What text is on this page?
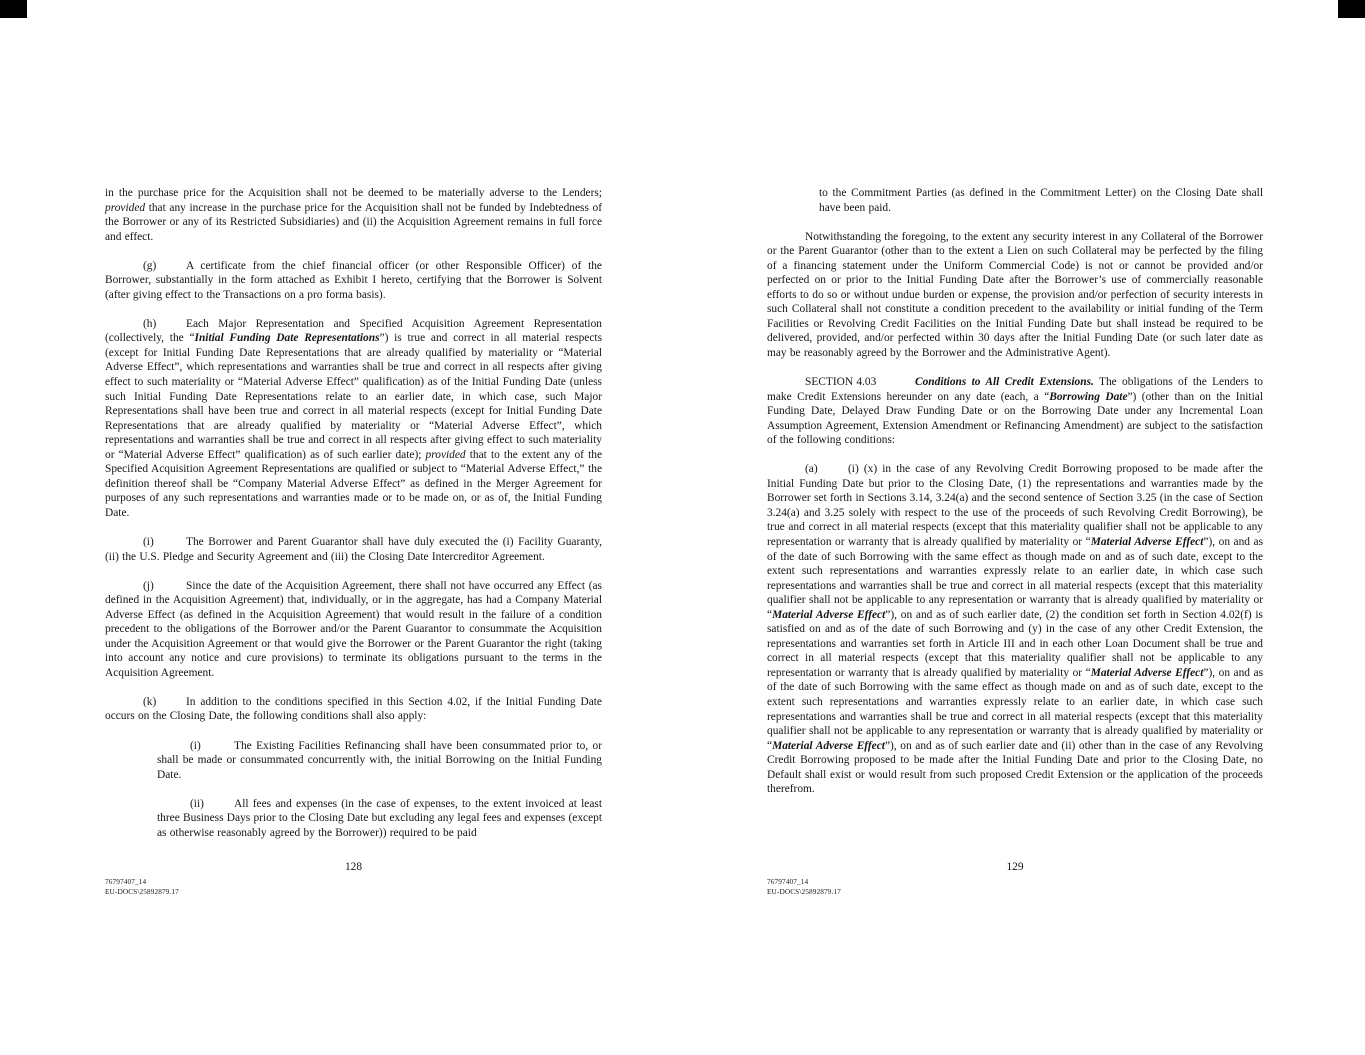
in the purchase price for the Acquisition shall not be deemed to be materially adverse to the Lenders; provided that any increase in the purchase price for the Acquisition shall not be funded by Indebtedness of the Borrower or any of its Restricted Subsidiaries) and (ii) the Acquisition Agreement remains in full force and effect.
(g)	A certificate from the chief financial officer (or other Responsible Officer) of the Borrower, substantially in the form attached as Exhibit I hereto, certifying that the Borrower is Solvent (after giving effect to the Transactions on a pro forma basis).
(h)	Each Major Representation and Specified Acquisition Agreement Representation (collectively, the “Initial Funding Date Representations”) is true and correct in all material respects (except for Initial Funding Date Representations that are already qualified by materiality or “Material Adverse Effect”, which representations and warranties shall be true and correct in all respects after giving effect to such materiality or “Material Adverse Effect” qualification) as of the Initial Funding Date (unless such Initial Funding Date Representations relate to an earlier date, in which case, such Major Representations shall have been true and correct in all material respects (except for Initial Funding Date Representations that are already qualified by materiality or “Material Adverse Effect”, which representations and warranties shall be true and correct in all respects after giving effect to such materiality or “Material Adverse Effect” qualification) as of such earlier date); provided that to the extent any of the Specified Acquisition Agreement Representations are qualified or subject to “Material Adverse Effect,” the definition thereof shall be “Company Material Adverse Effect” as defined in the Merger Agreement for purposes of any such representations and warranties made or to be made on, or as of, the Initial Funding Date.
(i)	The Borrower and Parent Guarantor shall have duly executed the (i) Facility Guaranty, (ii) the U.S. Pledge and Security Agreement and (iii) the Closing Date Intercreditor Agreement.
(j)	Since the date of the Acquisition Agreement, there shall not have occurred any Effect (as defined in the Acquisition Agreement) that, individually, or in the aggregate, has had a Company Material Adverse Effect (as defined in the Acquisition Agreement) that would result in the failure of a condition precedent to the obligations of the Borrower and/or the Parent Guarantor to consummate the Acquisition under the Acquisition Agreement or that would give the Borrower or the Parent Guarantor the right (taking into account any notice and cure provisions) to terminate its obligations pursuant to the terms in the Acquisition Agreement.
(k)	In addition to the conditions specified in this Section 4.02, if the Initial Funding Date occurs on the Closing Date, the following conditions shall also apply:
(i)	The Existing Facilities Refinancing shall have been consummated prior to, or shall be made or consummated concurrently with, the initial Borrowing on the Initial Funding Date.
(ii)	All fees and expenses (in the case of expenses, to the extent invoiced at least three Business Days prior to the Closing Date but excluding any legal fees and expenses (except as otherwise reasonably agreed by the Borrower)) required to be paid
128
76797407_14
EU-DOCS\25892879.17
to the Commitment Parties (as defined in the Commitment Letter) on the Closing Date shall have been paid.
Notwithstanding the foregoing, to the extent any security interest in any Collateral of the Borrower or the Parent Guarantor (other than to the extent a Lien on such Collateral may be perfected by the filing of a financing statement under the Uniform Commercial Code) is not or cannot be provided and/or perfected on or prior to the Initial Funding Date after the Borrower’s use of commercially reasonable efforts to do so or without undue burden or expense, the provision and/or perfection of security interests in such Collateral shall not constitute a condition precedent to the availability or initial funding of the Term Facilities or Revolving Credit Facilities on the Initial Funding Date but shall instead be required to be delivered, provided, and/or perfected within 30 days after the Initial Funding Date (or such later date as may be reasonably agreed by the Borrower and the Administrative Agent).
SECTION 4.03	Conditions to All Credit Extensions. The obligations of the Lenders to make Credit Extensions hereunder on any date (each, a “Borrowing Date”) (other than on the Initial Funding Date, Delayed Draw Funding Date or on the Borrowing Date under any Incremental Loan Assumption Agreement, Extension Amendment or Refinancing Amendment) are subject to the satisfaction of the following conditions:
(a)	(i) (x) in the case of any Revolving Credit Borrowing proposed to be made after the Initial Funding Date but prior to the Closing Date, (1) the representations and warranties made by the Borrower set forth in Sections 3.14, 3.24(a) and the second sentence of Section 3.25 (in the case of Section 3.24(a) and 3.25 solely with respect to the use of the proceeds of such Revolving Credit Borrowing), be true and correct in all material respects (except that this materiality qualifier shall not be applicable to any representation or warranty that is already qualified by materiality or “Material Adverse Effect”), on and as of the date of such Borrowing with the same effect as though made on and as of such date, except to the extent such representations and warranties expressly relate to an earlier date, in which case such representations and warranties shall be true and correct in all material respects (except that this materiality qualifier shall not be applicable to any representation or warranty that is already qualified by materiality or “Material Adverse Effect”), on and as of such earlier date, (2) the condition set forth in Section 4.02(f) is satisfied on and as of the date of such Borrowing and (y) in the case of any other Credit Extension, the representations and warranties set forth in Article III and in each other Loan Document shall be true and correct in all material respects (except that this materiality qualifier shall not be applicable to any representation or warranty that is already qualified by materiality or “Material Adverse Effect”), on and as of the date of such Borrowing with the same effect as though made on and as of such date, except to the extent such representations and warranties expressly relate to an earlier date, in which case such representations and warranties shall be true and correct in all material respects (except that this materiality qualifier shall not be applicable to any representation or warranty that is already qualified by materiality or “Material Adverse Effect”), on and as of such earlier date and (ii) other than in the case of any Revolving Credit Borrowing proposed to be made after the Initial Funding Date and prior to the Closing Date, no Default shall exist or would result from such proposed Credit Extension or the application of the proceeds therefrom.
129
76797407_14
EU-DOCS\25892879.17
